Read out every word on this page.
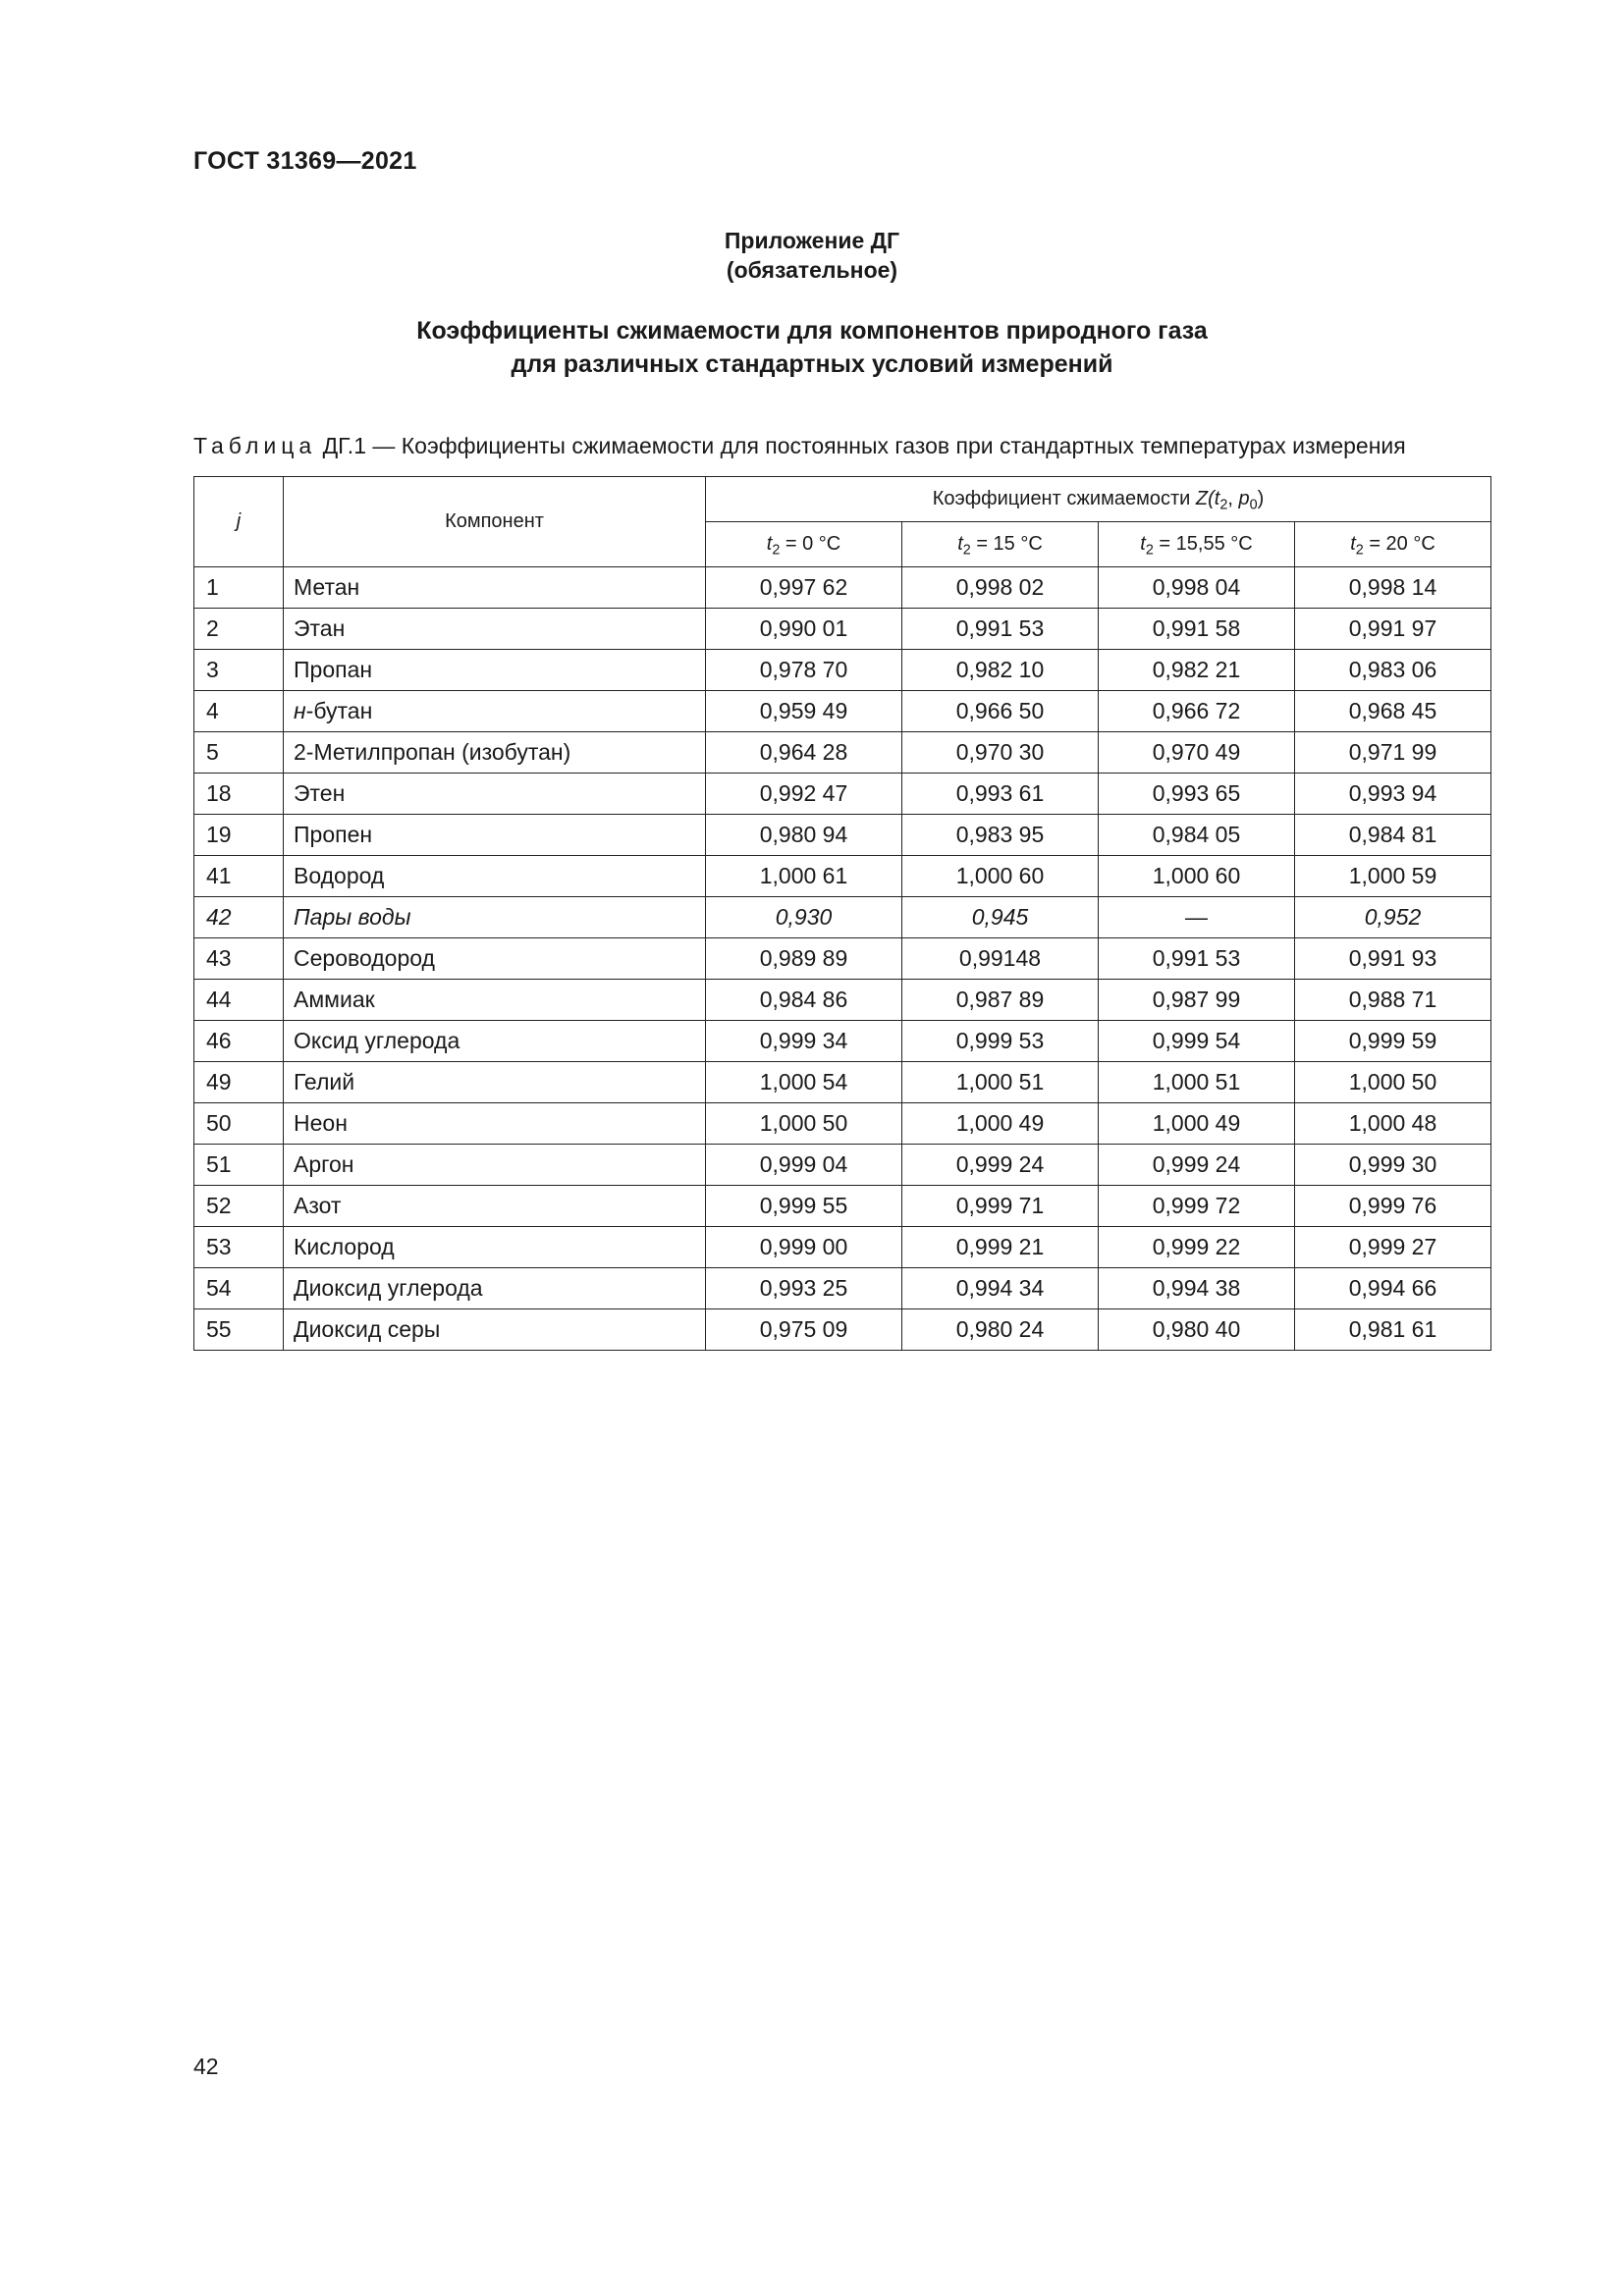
ГОСТ 31369—2021
Приложение ДГ
(обязательное)
Коэффициенты сжимаемости для компонентов природного газа
для различных стандартных условий измерений
Таблица ДГ.1 — Коэффициенты сжимаемости для постоянных газов при стандартных температурах измерения
j	Компонент	Коэффициент сжимаемости $Z(t_2$, $p_0$)			
		$t_2 = 0$ °C	$t_2 = 15$ °C	$t_2 = 15,55$ °C	$t_2 = 20$ °C
1	Метан	0,997 62	0,998 02	0,998 04	0,998 14
2	Этан	0,990 01	0,991 53	0,991 58	0,991 97
3	Пропан	0,978 70	0,982 10	0,982 21	0,983 06
4	н-бутан	0,959 49	0,966 50	0,966 72	0,968 45
5	2-Метилпропан (изобутан)	0,964 28	0,970 30	0,970 49	0,971 99
18	Этен	0,992 47	0,993 61	0,993 65	0,993 94
19	Пропен	0,980 94	0,983 95	0,984 05	0,984 81
41	Водород	1,000 61	1,000 60	1,000 60	1,000 59
42	Пары воды	0,930	0,945	—	0,952
43	Сероводород	0,989 89	0,99148	0,991 53	0,991 93
44	Аммиак	0,984 86	0,987 89	0,987 99	0,988 71
46	Оксид углерода	0,999 34	0,999 53	0,999 54	0,999 59
49	Гелий	1,000 54	1,000 51	1,000 51	1,000 50
50	Неон	1,000 50	1,000 49	1,000 49	1,000 48
51	Аргон	0,999 04	0,999 24	0,999 24	0,999 30
52	Азот	0,999 55	0,999 71	0,999 72	0,999 76
53	Кислород	0,999 00	0,999 21	0,999 22	0,999 27
54	Диоксид углерода	0,993 25	0,994 34	0,994 38	0,994 66
55	Диоксид серы	0,975 09	0,980 24	0,980 40	0,981 61
42
